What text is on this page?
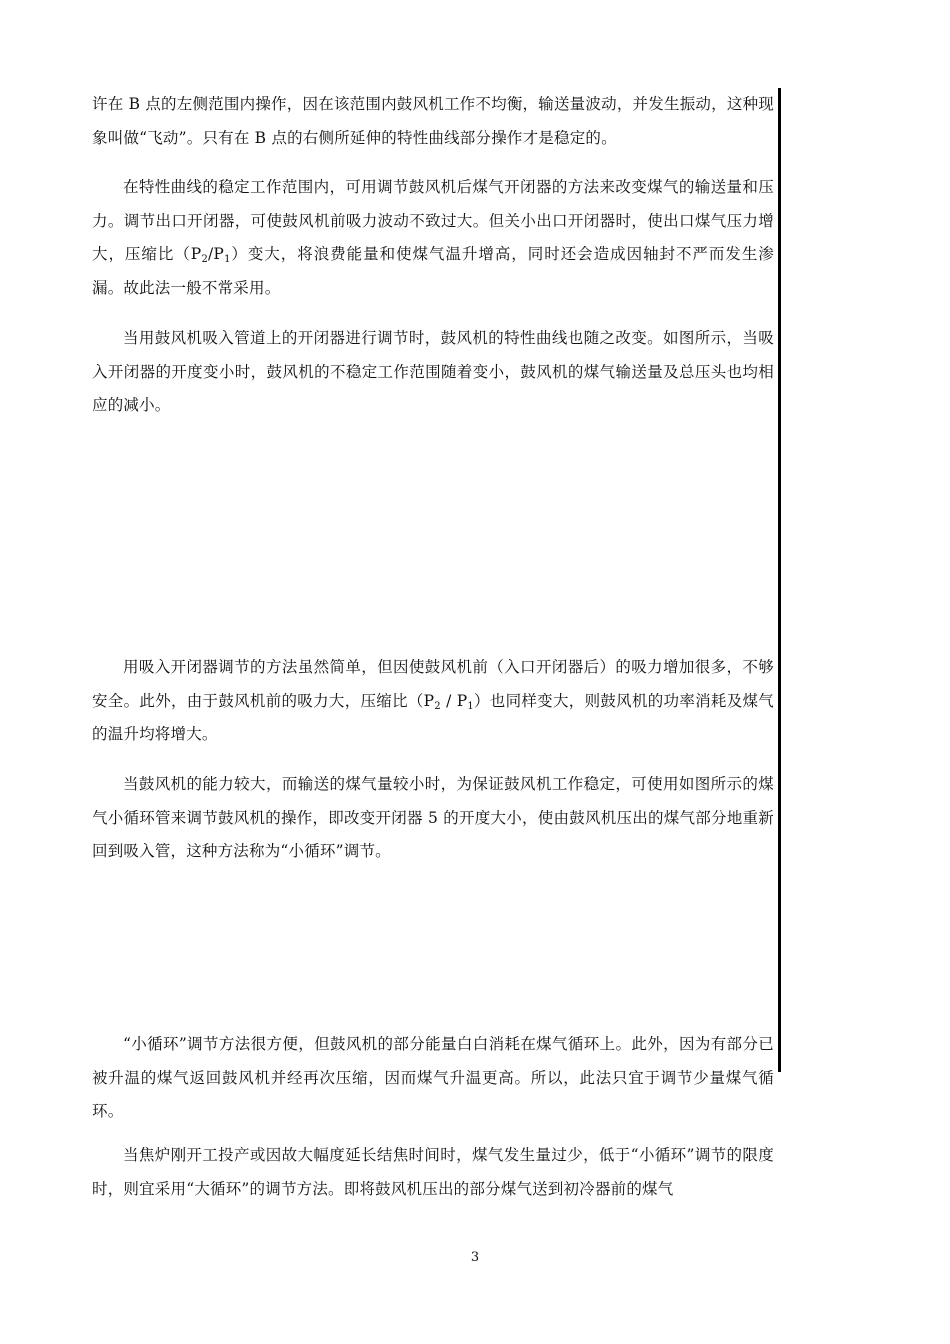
许在 B 点的左侧范围内操作，因在该范围内鼓风机工作不均衡，输送量波动，并发生振动，这种现象叫做“飞动”。只有在 B 点的右侧所延伸的特性曲线部分操作才是稳定的。

在特性曲线的稳定工作范围内，可用调节鼓风机后煤气开闭器的方法来改变煤气的输送量和压力。调节出口开闭器，可使鼓风机前吸力波动不致过大。但关小出口开闭器时，使出口煤气压力增大，压缩比$(P_2/P_1)$变大，将浪费能量和使煤气温升增高，同时还会造成因轴封不严而发生渗漏。故此法一般不常采用。

当用鼓风机吸入管道上的开闭器进行调节时，鼓风机的特性曲线也随之改变。如图所示，当吸入开闭器的开度变小时，鼓风机的不稳定工作范围随着变小，鼓风机的煤气输送量及总压头也均相应的减小。

用吸入开闭器调节的方法虽然简单，但因使鼓风机前（入口开闭器后）的吸力增加很多，不够安全。此外，由于鼓风机前的吸力大，压缩比$(P_2 / P_1)$也同样变大，则鼓风机的功率消耗及煤气的温升均将增大。

当鼓风机的能力较大，而输送的煤气量较小时，为保证鼓风机工作稳定，可使用如图所示的煤气小循环管来调节鼓风机的操作，即改变开闭器 5 的开度大小，使由鼓风机压出的煤气部分地重新回到吸入管，这种方法称为“小循环”调节。

“小循环”调节方法很方便，但鼓风机的部分能量白白消耗在煤气循环上。此外，因为有部分已被升温的煤气返回鼓风机并经再次压缩，因而煤气升温更高。所以，此法只宜于调节少量煤气循环。

当焦炉刚开工投产或因故大幅度延长结焦时间时，煤气发生量过少，低于“小循环”调节的限度时，则宜采用“大循环”的调节方法。即将鼓风机压出的部分煤气送到初冷器前的煤气

3
